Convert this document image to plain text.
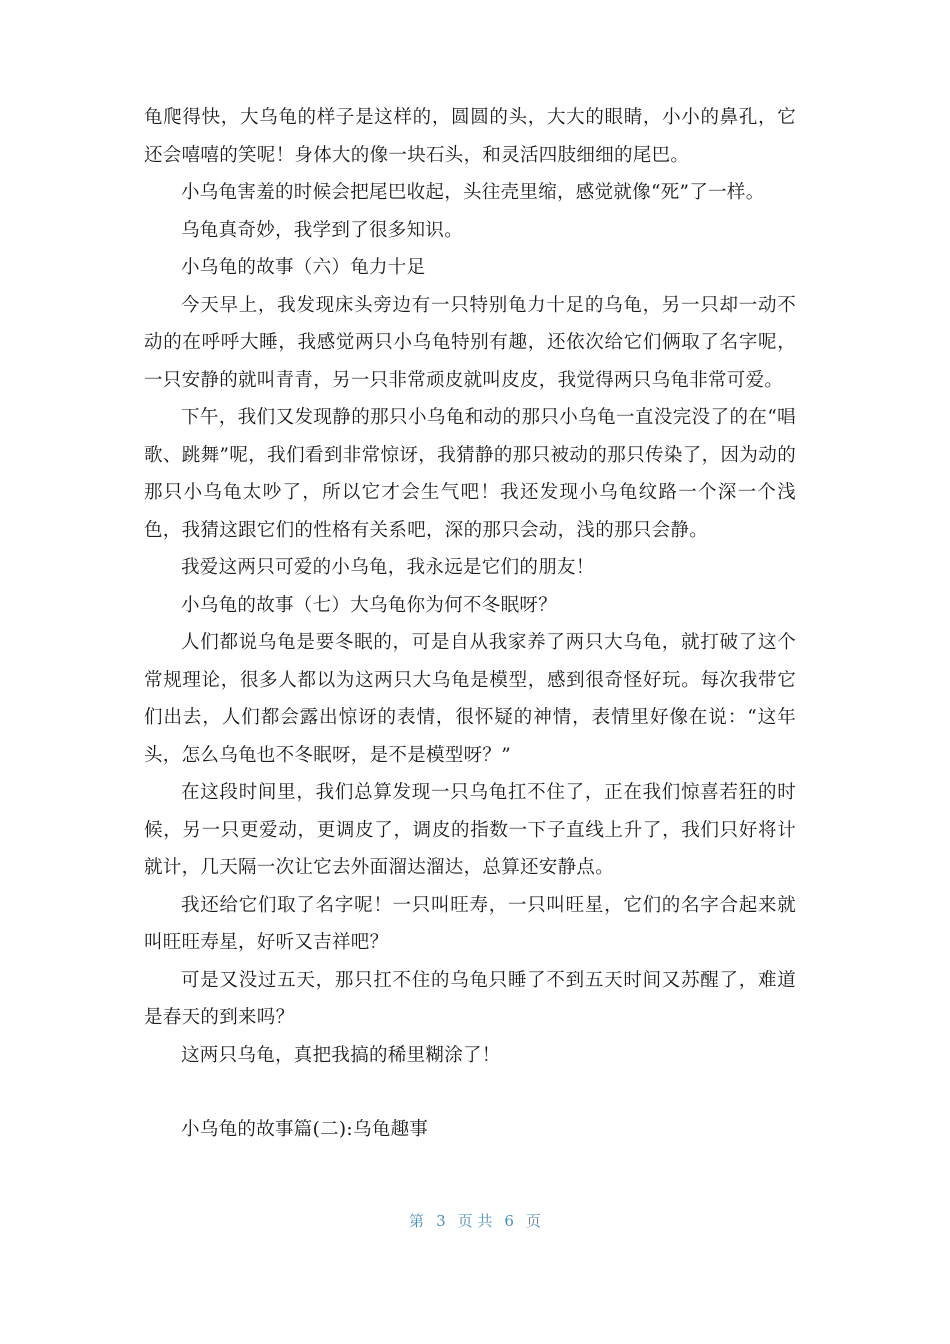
龟爬得快，大乌龟的样子是这样的，圆圆的头，大大的眼睛，小小的鼻孔，它还会嘻嘻的笑呢！身体大的像一块石头，和灵活四肢细细的尾巴。

小乌龟害羞的时候会把尾巴收起，头往壳里缩，感觉就像“死”了一样。

乌龟真奇妙，我学到了很多知识。

小乌龟的故事（六）龟力十足

今天早上，我发现床头旁边有一只特别龟力十足的乌龟，另一只却一动不动的在呼呼大睡，我感觉两只小乌龟特别有趣，还依次给它们俩取了名字呢，一只安静的就叫青青，另一只非常顽皮就叫皮皮，我觉得两只乌龟非常可爱。

下午，我们又发现静的那只小乌龟和动的那只小乌龟一直没完没了的在“唱歌、跳舞”呢，我们看到非常惊讶，我猜静的那只被动的那只传染了，因为动的那只小乌龟太吵了，所以它才会生气吧！我还发现小乌龟纹路一个深一个浅色，我猜这跟它们的性格有关系吧，深的那只会动，浅的那只会静。

我爱这两只可爱的小乌龟，我永远是它们的朋友！

小乌龟的故事（七）大乌龟你为何不冬眠呀？

人们都说乌龟是要冬眠的，可是自从我家养了两只大乌龟，就打破了这个常规理论，很多人都以为这两只大乌龟是模型，感到很奇怪好玩。每次我带它们出去，人们都会露出惊讶的表情，很怀疑的神情，表情里好像在说：“这年头，怎么乌龟也不冬眠呀，是不是模型呀？”

在这段时间里，我们总算发现一只乌龟扛不住了，正在我们惊喜若狂的时候，另一只更爱动，更调皮了，调皮的指数一下子直线上升了，我们只好将计就计，几天隔一次让它去外面溜达溜达，总算还安静点。

我还给它们取了名字呢！一只叫旺寿，一只叫旺星，它们的名字合起来就叫旺旺寿星，好听又吉祥吧？

可是又没过五天，那只扛不住的乌龟只睡了不到五天时间又苏醒了，难道是春天的到来吗？

这两只乌龟，真把我搞的稀里糊涂了！

小乌龟的故事篇(二):乌龟趣事

第 3 页 共 6 页
